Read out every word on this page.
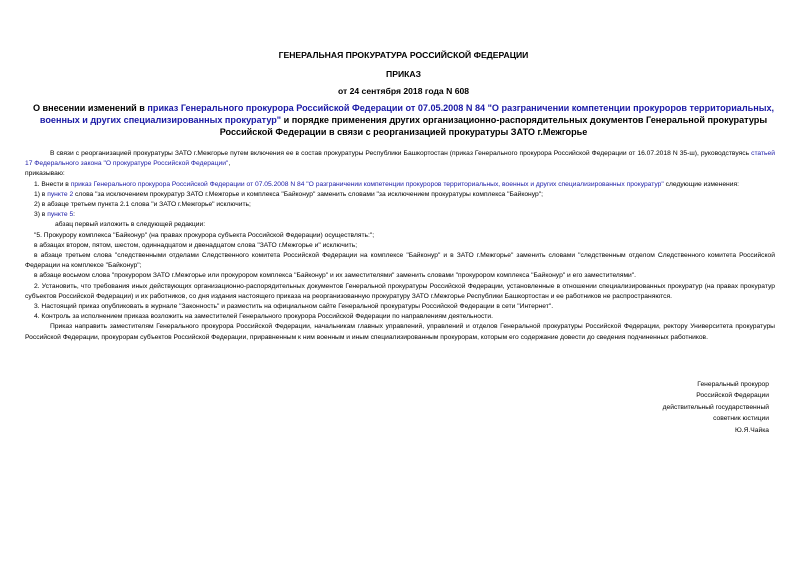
ГЕНЕРАЛЬНАЯ ПРОКУРАТУРА РОССИЙСКОЙ ФЕДЕРАЦИИ
ПРИКАЗ
от 24 сентября 2018 года N 608
О внесении изменений в приказ Генерального прокурора Российской Федерации от 07.05.2008 N 84 "О разграничении компетенции прокуроров территориальных, военных и других специализированных прокуратур" и порядке применения других организационно-распорядительных документов Генеральной прокуратуры Российской Федерации в связи с реорганизацией прокуратуры ЗАТО г.Межгорье

В связи с реорганизацией прокуратуры ЗАТО г.Межгорье путем включения ее в состав прокуратуры Республики Башкортостан (приказ Генерального прокурора Российской Федерации от 16.07.2018 N 35-ш), руководствуясь статьей 17 Федерального закона "О прокуратуре Российской Федерации",

приказываю:

1. Внести в приказ Генерального прокурора Российской Федерации от 07.05.2008 N 84 "О разграничении компетенции прокуроров территориальных, военных и других специализированных прокуратур" следующие изменения:

1) в пункте 2 слова "за исключением прокуратур ЗАТО г.Межгорье и комплекса "Байконур" заменить словами "за исключением прокуратуры комплекса "Байконур";

2) в абзаце третьем пункта 2.1 слова "и ЗАТО г.Межгорье" исключить;

3) в пункте 5:

абзац первый изложить в следующей редакции:

"5. Прокурору комплекса "Байконур" (на правах прокурора субъекта Российской Федерации) осуществлять:";

в абзацах втором, пятом, шестом, одиннадцатом и двенадцатом слова "ЗАТО г.Межгорье и" исключить;

в абзаце третьем слова "следственными отделами Следственного комитета Российской Федерации на комплексе "Байконур" и в ЗАТО г.Межгорье" заменить словами "следственным отделом Следственного комитета Российской Федерации на комплексе "Байконур";

в абзаце восьмом слова "прокурором ЗАТО г.Межгорье или прокурором комплекса "Байконур" и их заместителями" заменить словами "прокурором комплекса "Байконур" и его заместителями".

2. Установить, что требования иных действующих организационно-распорядительных документов Генеральной прокуратуры Российской Федерации, установленные в отношении специализированных прокуратур (на правах прокуратур субъектов Российской Федерации) и их работников, со дня издания настоящего приказа на реорганизованную прокуратуру ЗАТО г.Межгорье Республики Башкортостан и ее работников не распространяются.

3. Настоящий приказ опубликовать в журнале "Законность" и разместить на официальном сайте Генеральной прокуратуры Российской Федерации в сети "Интернет".

4. Контроль за исполнением приказа возложить на заместителей Генерального прокурора Российской Федерации по направлениям деятельности.

Приказ направить заместителям Генерального прокурора Российской Федерации, начальникам главных управлений, управлений и отделов Генеральной прокуратуры Российской Федерации, ректору Университета прокуратуры Российской Федерации, прокурорам субъектов Российской Федерации, приравненным к ним военным и иным специализированным прокурорам, которым его содержание довести до сведения подчиненных работников.

Генеральный прокурор
Российской Федерации
действительный государственный
советник юстиции
Ю.Я.Чайка
